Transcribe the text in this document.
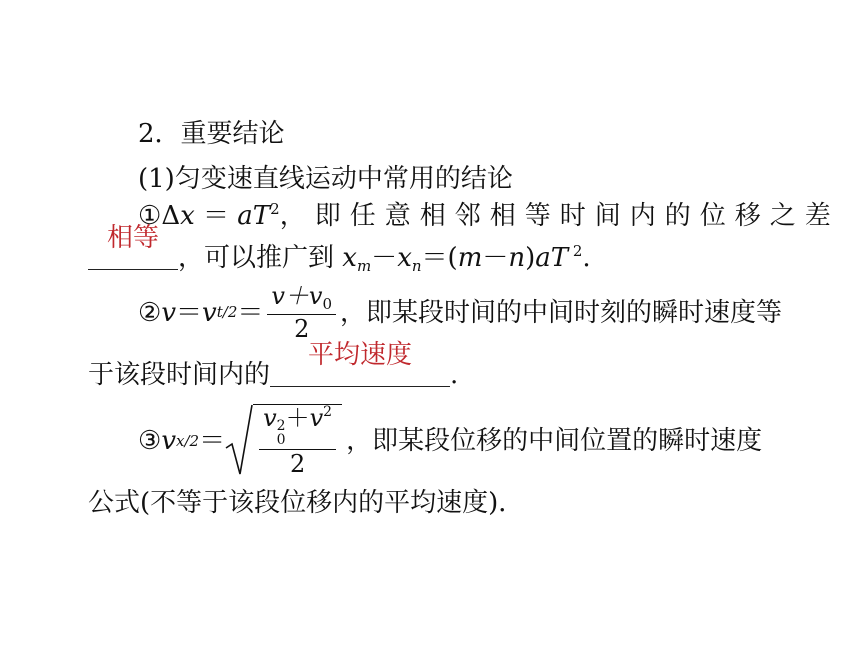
2．重要结论
(1)匀变速直线运动中常用的结论
①Δx ＝ $aT^2$，即任意相邻相等时间内的位移之差
相等
，可以推广到 $x_m-x_n=(m-n)aT$ $^2$.
② v ＝ v $t/2 = \frac{v+v_0}{2}$ ，即某段时间的中间时刻的瞬时速度等
于该段时间内的
平均速度
.
③ v x/2 ＝ v 2
0
$+v^2$
2 ，即某段位移的中间位置的瞬时速度
公式(不等于该段位移内的平均速度)．
